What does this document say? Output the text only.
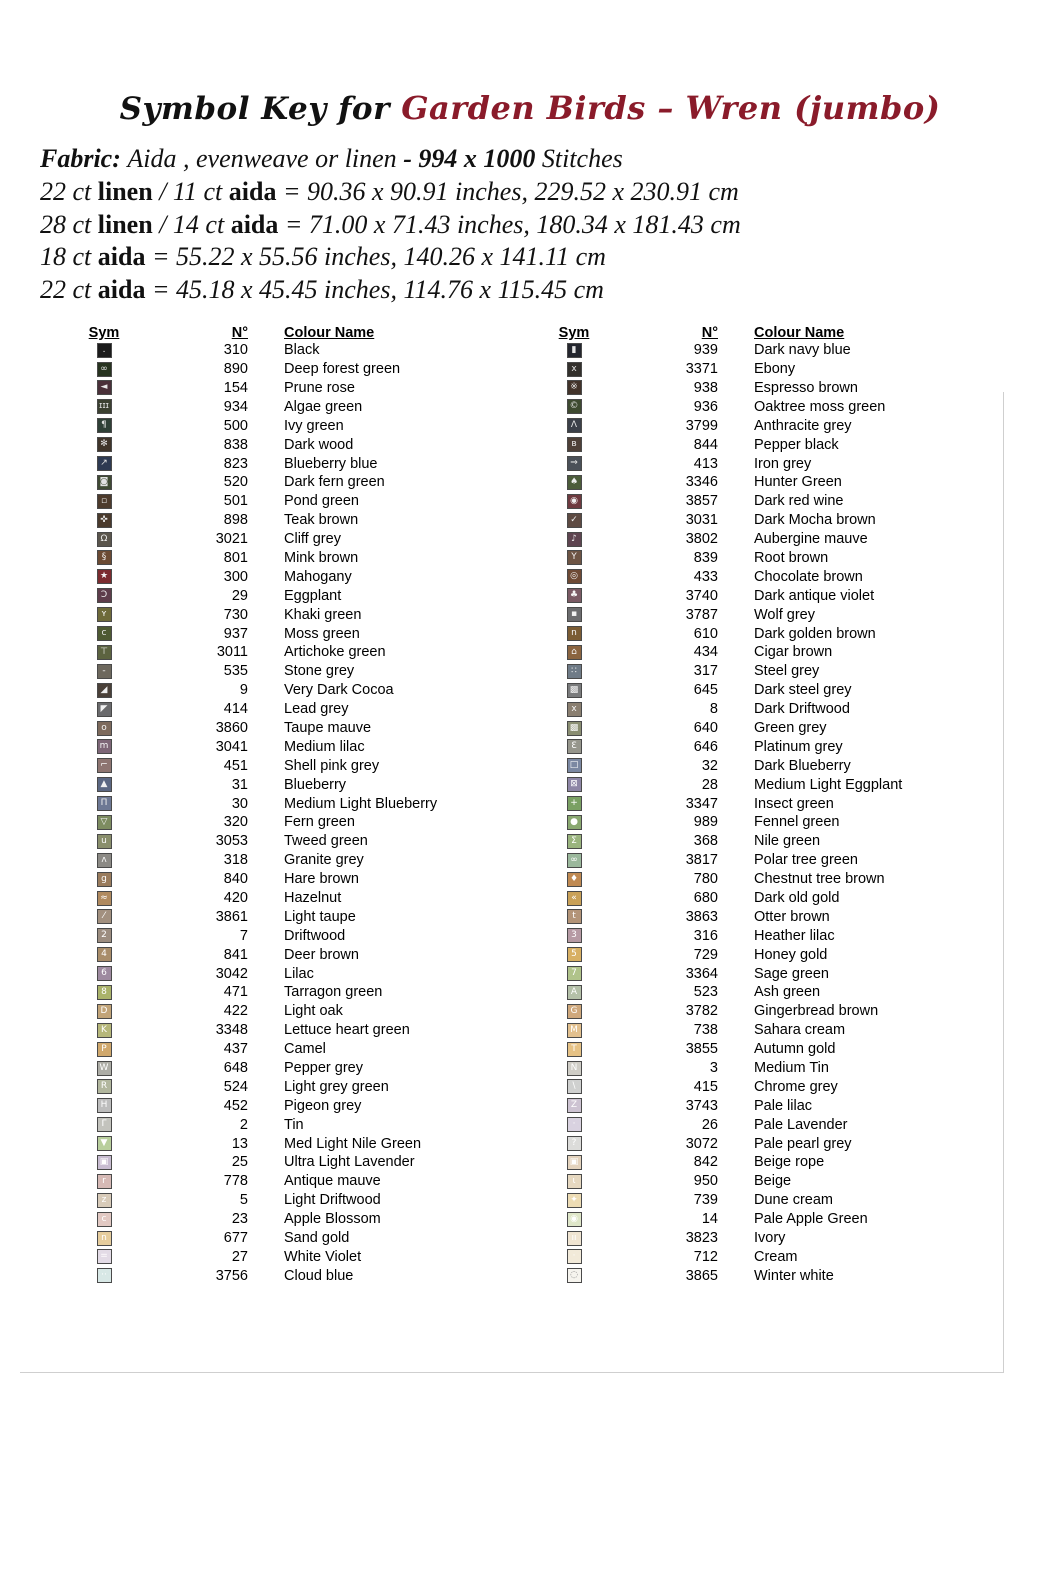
Symbol Key for Garden Birds – Wren (jumbo)
Fabric: Aida , evenweave or linen - 994 x 1000 Stitches
22 ct linen / 11 ct aida = 90.36 x 90.91 inches, 229.52 x 230.91 cm
28 ct linen / 14 ct aida = 71.00 x 71.43 inches, 180.34 x 181.43 cm
18 ct aida = 55.22 x 55.56 inches, 140.26 x 141.11 cm
22 ct aida = 45.18 x 45.45 inches, 114.76 x 115.45 cm
Sym	N°	Colour Name
.	310	Black
∞	890	Deep forest green
◄	154	Prune rose
ɪɪɪ	934	Algae green
¶	500	Ivy green
✻	838	Dark wood
↗	823	Blueberry blue
◙	520	Dark fern green
▫	501	Pond green
✜	898	Teak brown
Ω	3021	Cliff grey
§	801	Mink brown
★	300	Mahogany
Ɔ	29	Eggplant
ʏ	730	Khaki green
c	937	Moss green
⊤	3011	Artichoke green
-	535	Stone grey
◢	9	Very Dark Cocoa
◤	414	Lead grey
o	3860	Taupe mauve
m	3041	Medium lilac
⌐	451	Shell pink grey
▲	31	Blueberry
Π	30	Medium Light Blueberry
▽	320	Fern green
u	3053	Tweed green
ᴧ	318	Granite grey
g	840	Hare brown
≈	420	Hazelnut
⁄	3861	Light taupe
2	7	Driftwood
4	841	Deer brown
6	3042	Lilac
8	471	Tarragon green
D	422	Light oak
K	3348	Lettuce heart green
P	437	Camel
W	648	Pepper grey
R	524	Light grey green
H	452	Pigeon grey
Γ	2	Tin
▼	13	Med Light Nile Green
▣	25	Ultra Light Lavender
r	778	Antique mauve
z	5	Light Driftwood
c	23	Apple Blossom
n	677	Sand gold
=	27	White Violet
··	3756	Cloud blue
Sym	N°	Colour Name
▮	939	Dark navy blue
x	3371	Ebony
※	938	Espresso brown
©	936	Oaktree moss green
Ʌ	3799	Anthracite grey
ʙ	844	Pepper black
⇒	413	Iron grey
♠	3346	Hunter Green
◉	3857	Dark red wine
✓	3031	Dark Mocha brown
♪	3802	Aubergine mauve
Y	839	Root brown
◎	433	Chocolate brown
♣	3740	Dark antique violet
▪	3787	Wolf grey
n	610	Dark golden brown
⌂	434	Cigar brown
∷	317	Steel grey
▩	645	Dark steel grey
x	8	Dark Driftwood
▩	640	Green grey
Ɛ	646	Platinum grey
□	32	Dark Blueberry
⊠	28	Medium Light Eggplant
+	3347	Insect green
●	989	Fennel green
Σ	368	Nile green
∞	3817	Polar tree green
♦	780	Chestnut tree brown
«	680	Dark old gold
t	3863	Otter brown
3	316	Heather lilac
5	729	Honey gold
7	3364	Sage green
A	523	Ash green
G	3782	Gingerbread brown
M	738	Sahara cream
T	3855	Autumn gold
N	3	Medium Tin
\	415	Chrome grey
Z	3743	Pale lilac
·	26	Pale Lavender
?	3072	Pale pearl grey
▣	842	Beige rope
ɩ	950	Beige
✦	739	Dune cream
◉	14	Pale Apple Green
ıı	3823	Ivory
·	712	Cream
◌	3865	Winter white
